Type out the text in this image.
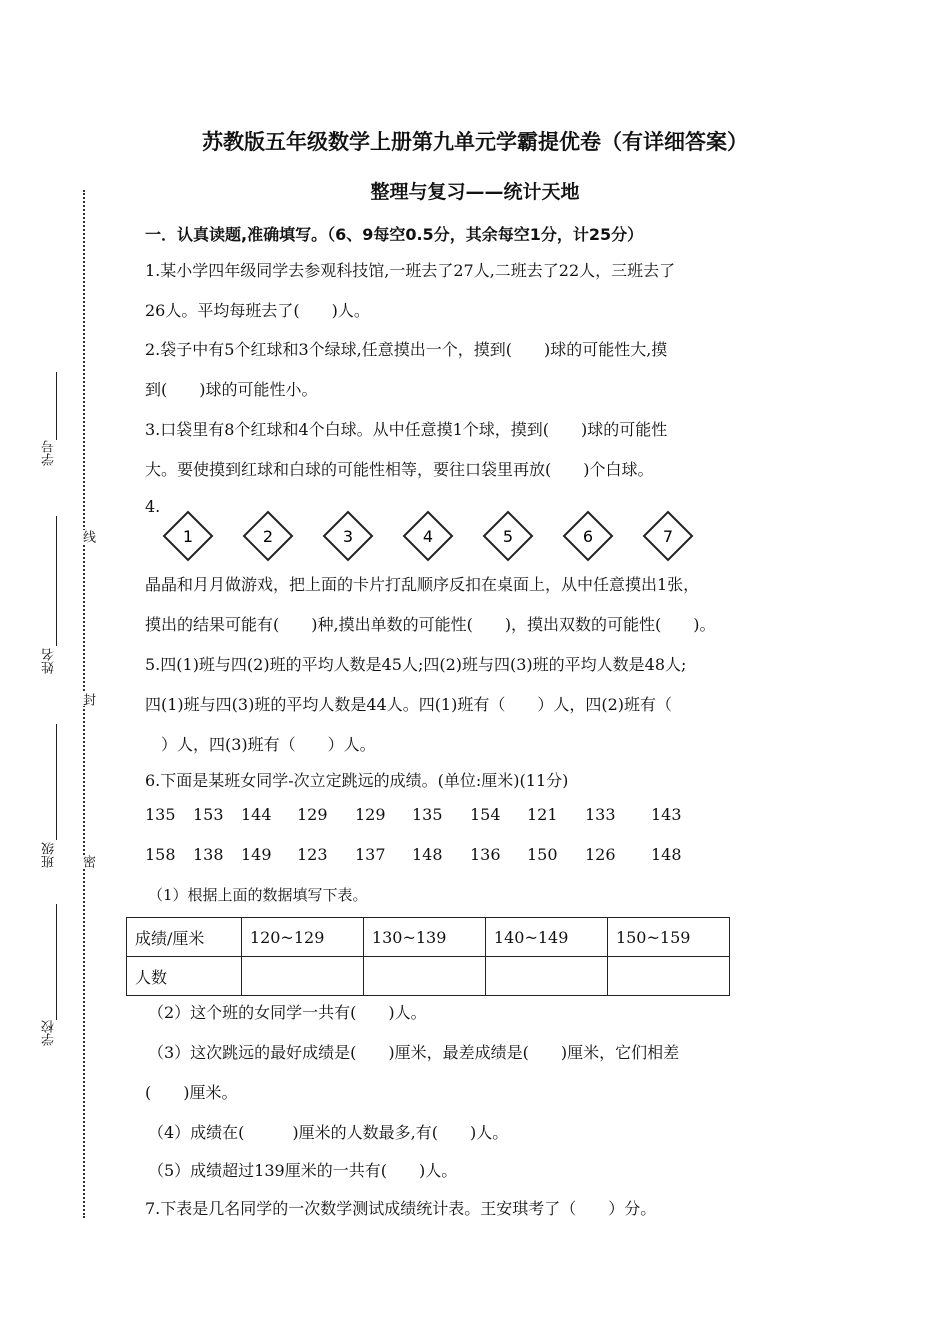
学号
姓名
班级
学校
线
封
密
苏教版五年级数学上册第九单元学霸提优卷（有详细答案）
整理与复习——统计天地
一．认真读题,准确填写。（6、9每空0.5分，其余每空1分，计25分）
1.某小学四年级同学去参观科技馆,一班去了27人,二班去了22人，三班去了
26人。平均每班去了(　　)人。
2.袋子中有5个红球和3个绿球,任意摸出一个，摸到(　　)球的可能性大,摸
到(　　)球的可能性小。
3.口袋里有8个红球和4个白球。从中任意摸1个球，摸到(　　)球的可能性
大。要使摸到红球和白球的可能性相等，要往口袋里再放(　　)个白球。
4.
1	2	3	4	5	6	7
晶晶和月月做游戏，把上面的卡片打乱顺序反扣在桌面上，从中任意摸出1张，
摸出的结果可能有(　　)种,摸出单数的可能性(　　)，摸出双数的可能性(　　)。
5.四(1)班与四(2)班的平均人数是45人;四(2)班与四(3)班的平均人数是48人;
四(1)班与四(3)班的平均人数是44人。四(1)班有（　　）人，四(2)班有（
　）人，四(3)班有（　　）人。
6.下面是某班女同学-次立定跳远的成绩。(单位:厘米)(11分)
135 153 144 129 129 135 154 121 133 143
158 138 149 123 137 148 136 150 126 148
（1）根据上面的数据填写下表。
成绩/厘米	120~129	130~139	140~149	150~159
人数				
（2）这个班的女同学一共有(　　)人。
（3）这次跳远的最好成绩是(　　)厘米，最差成绩是(　　)厘米，它们相差
(　　)厘米。
（4）成绩在(　　　)厘米的人数最多,有(　　)人。
（5）成绩超过139厘米的一共有(　　)人。
7.下表是几名同学的一次数学测试成绩统计表。王安琪考了（　　）分。
